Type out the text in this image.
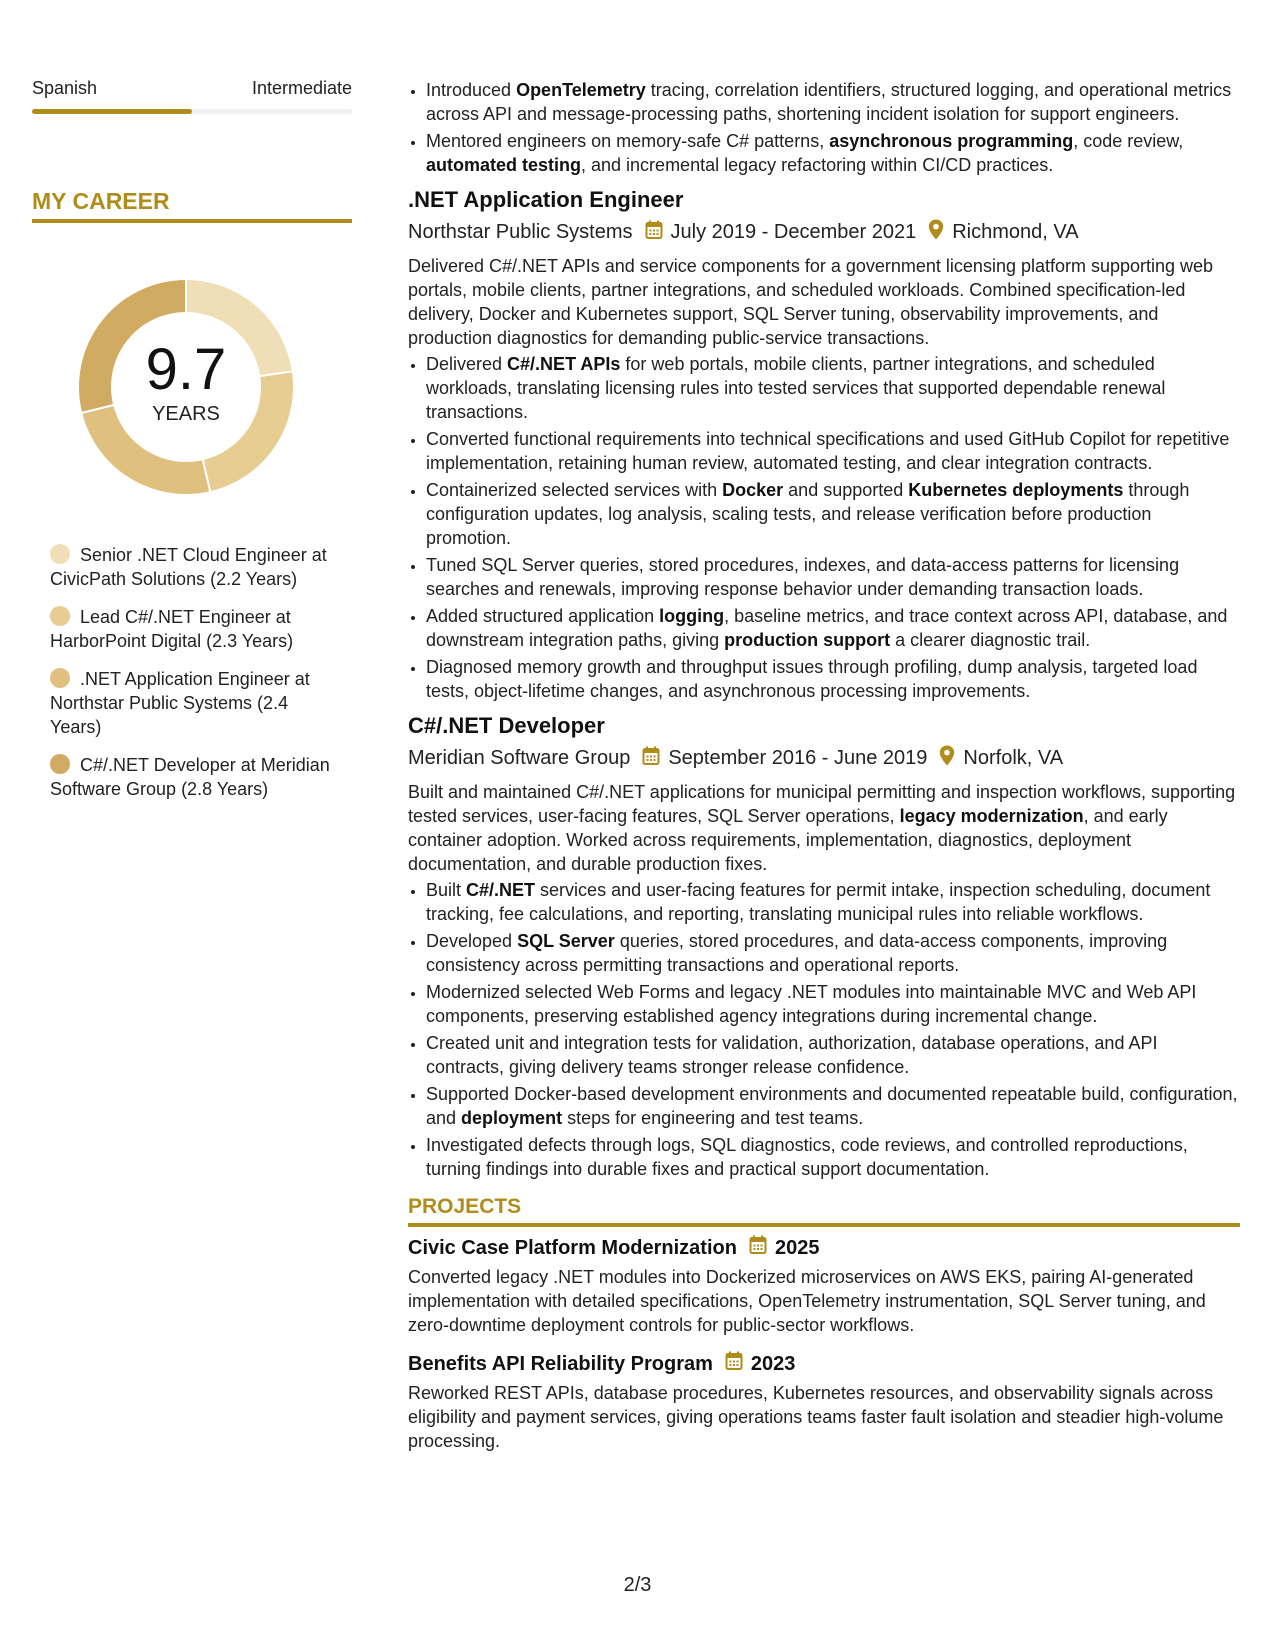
Spanish	Intermediate
MY CAREER
9.7
YEARS
Senior .NET Cloud Engineer at CivicPath Solutions (2.2 Years)
Lead C#/.NET Engineer at HarborPoint Digital (2.3 Years)
.NET Application Engineer at Northstar Public Systems (2.4 Years)
C#/.NET Developer at Meridian Software Group (2.8 Years)
• Introduced OpenTelemetry tracing, correlation identifiers, structured logging, and operational metrics across API and message-processing paths, shortening incident isolation for support engineers.
• Mentored engineers on memory-safe C# patterns, asynchronous programming, code review, automated testing, and incremental legacy refactoring within CI/CD practices.
.NET Application Engineer
Northstar Public Systems July 2019 - December 2021 Richmond, VA
Delivered C#/.NET APIs and service components for a government licensing platform supporting web portals, mobile clients, partner integrations, and scheduled workloads. Combined specification-led delivery, Docker and Kubernetes support, SQL Server tuning, observability improvements, and production diagnostics for demanding public-service transactions.
• Delivered C#/.NET APIs for web portals, mobile clients, partner integrations, and scheduled workloads, translating licensing rules into tested services that supported dependable renewal transactions.
• Converted functional requirements into technical specifications and used GitHub Copilot for repetitive implementation, retaining human review, automated testing, and clear integration contracts.
• Containerized selected services with Docker and supported Kubernetes deployments through configuration updates, log analysis, scaling tests, and release verification before production promotion.
• Tuned SQL Server queries, stored procedures, indexes, and data-access patterns for licensing searches and renewals, improving response behavior under demanding transaction loads.
• Added structured application logging, baseline metrics, and trace context across API, database, and downstream integration paths, giving production support a clearer diagnostic trail.
• Diagnosed memory growth and throughput issues through profiling, dump analysis, targeted load tests, object-lifetime changes, and asynchronous processing improvements.
C#/.NET Developer
Meridian Software Group September 2016 - June 2019 Norfolk, VA
Built and maintained C#/.NET applications for municipal permitting and inspection workflows, supporting tested services, user-facing features, SQL Server operations, legacy modernization, and early container adoption. Worked across requirements, implementation, diagnostics, deployment documentation, and durable production fixes.
• Built C#/.NET services and user-facing features for permit intake, inspection scheduling, document tracking, fee calculations, and reporting, translating municipal rules into reliable workflows.
• Developed SQL Server queries, stored procedures, and data-access components, improving consistency across permitting transactions and operational reports.
• Modernized selected Web Forms and legacy .NET modules into maintainable MVC and Web API components, preserving established agency integrations during incremental change.
• Created unit and integration tests for validation, authorization, database operations, and API contracts, giving delivery teams stronger release confidence.
• Supported Docker-based development environments and documented repeatable build, configuration, and deployment steps for engineering and test teams.
• Investigated defects through logs, SQL diagnostics, code reviews, and controlled reproductions, turning findings into durable fixes and practical support documentation.
PROJECTS
Civic Case Platform Modernization 2025
Converted legacy .NET modules into Dockerized microservices on AWS EKS, pairing AI-generated implementation with detailed specifications, OpenTelemetry instrumentation, SQL Server tuning, and zero-downtime deployment controls for public-sector workflows.
Benefits API Reliability Program 2023
Reworked REST APIs, database procedures, Kubernetes resources, and observability signals across eligibility and payment services, giving operations teams faster fault isolation and steadier high-volume processing.
2/3
